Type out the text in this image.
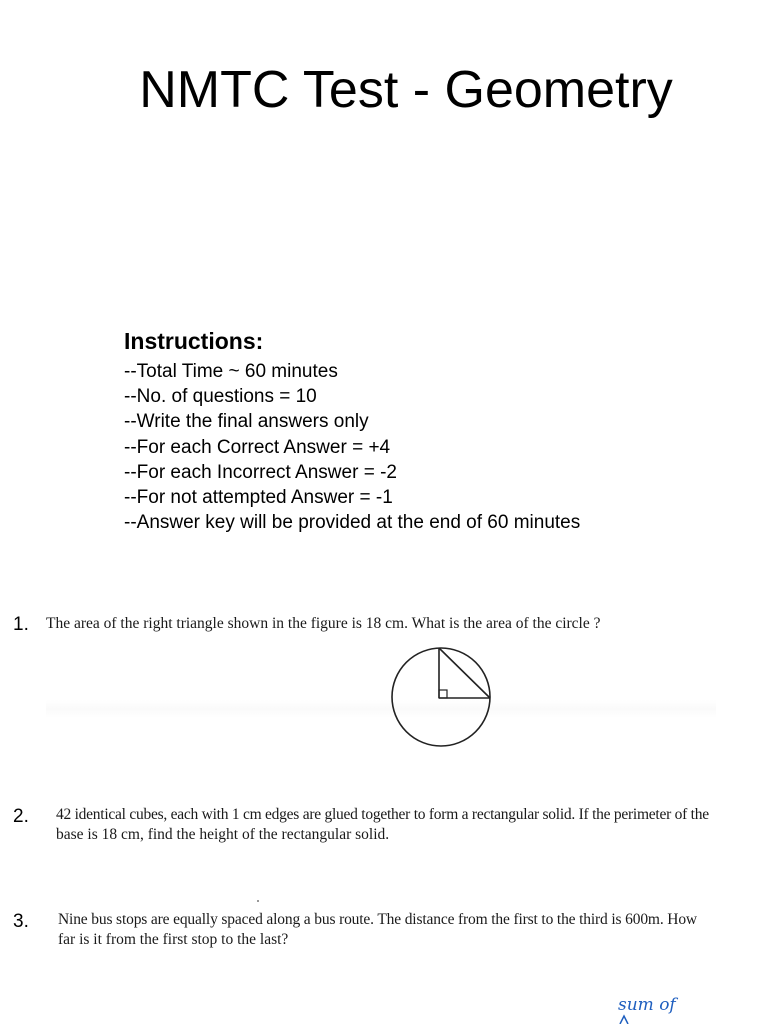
NMTC Test - Geometry
Instructions:
--Total Time ~ 60 minutes
--No. of questions = 10
--Write the final answers only
--For each Correct Answer = +4
--For each Incorrect Answer = -2
--For not attempted Answer = -1
--Answer key will be provided at the end of 60 minutes
1. The area of the right triangle shown in the figure is 18 cm. What is the area of the circle ?
2. 42 identical cubes, each with 1 cm edges are glued together to form a rectangular solid. If the perimeter of the
base is 18 cm, find the height of the rectangular solid.
3. Nine bus stops are equally spaced along a bus route. The distance from the first to the third is 600m. How
far is it from the first stop to the last?
sum of
